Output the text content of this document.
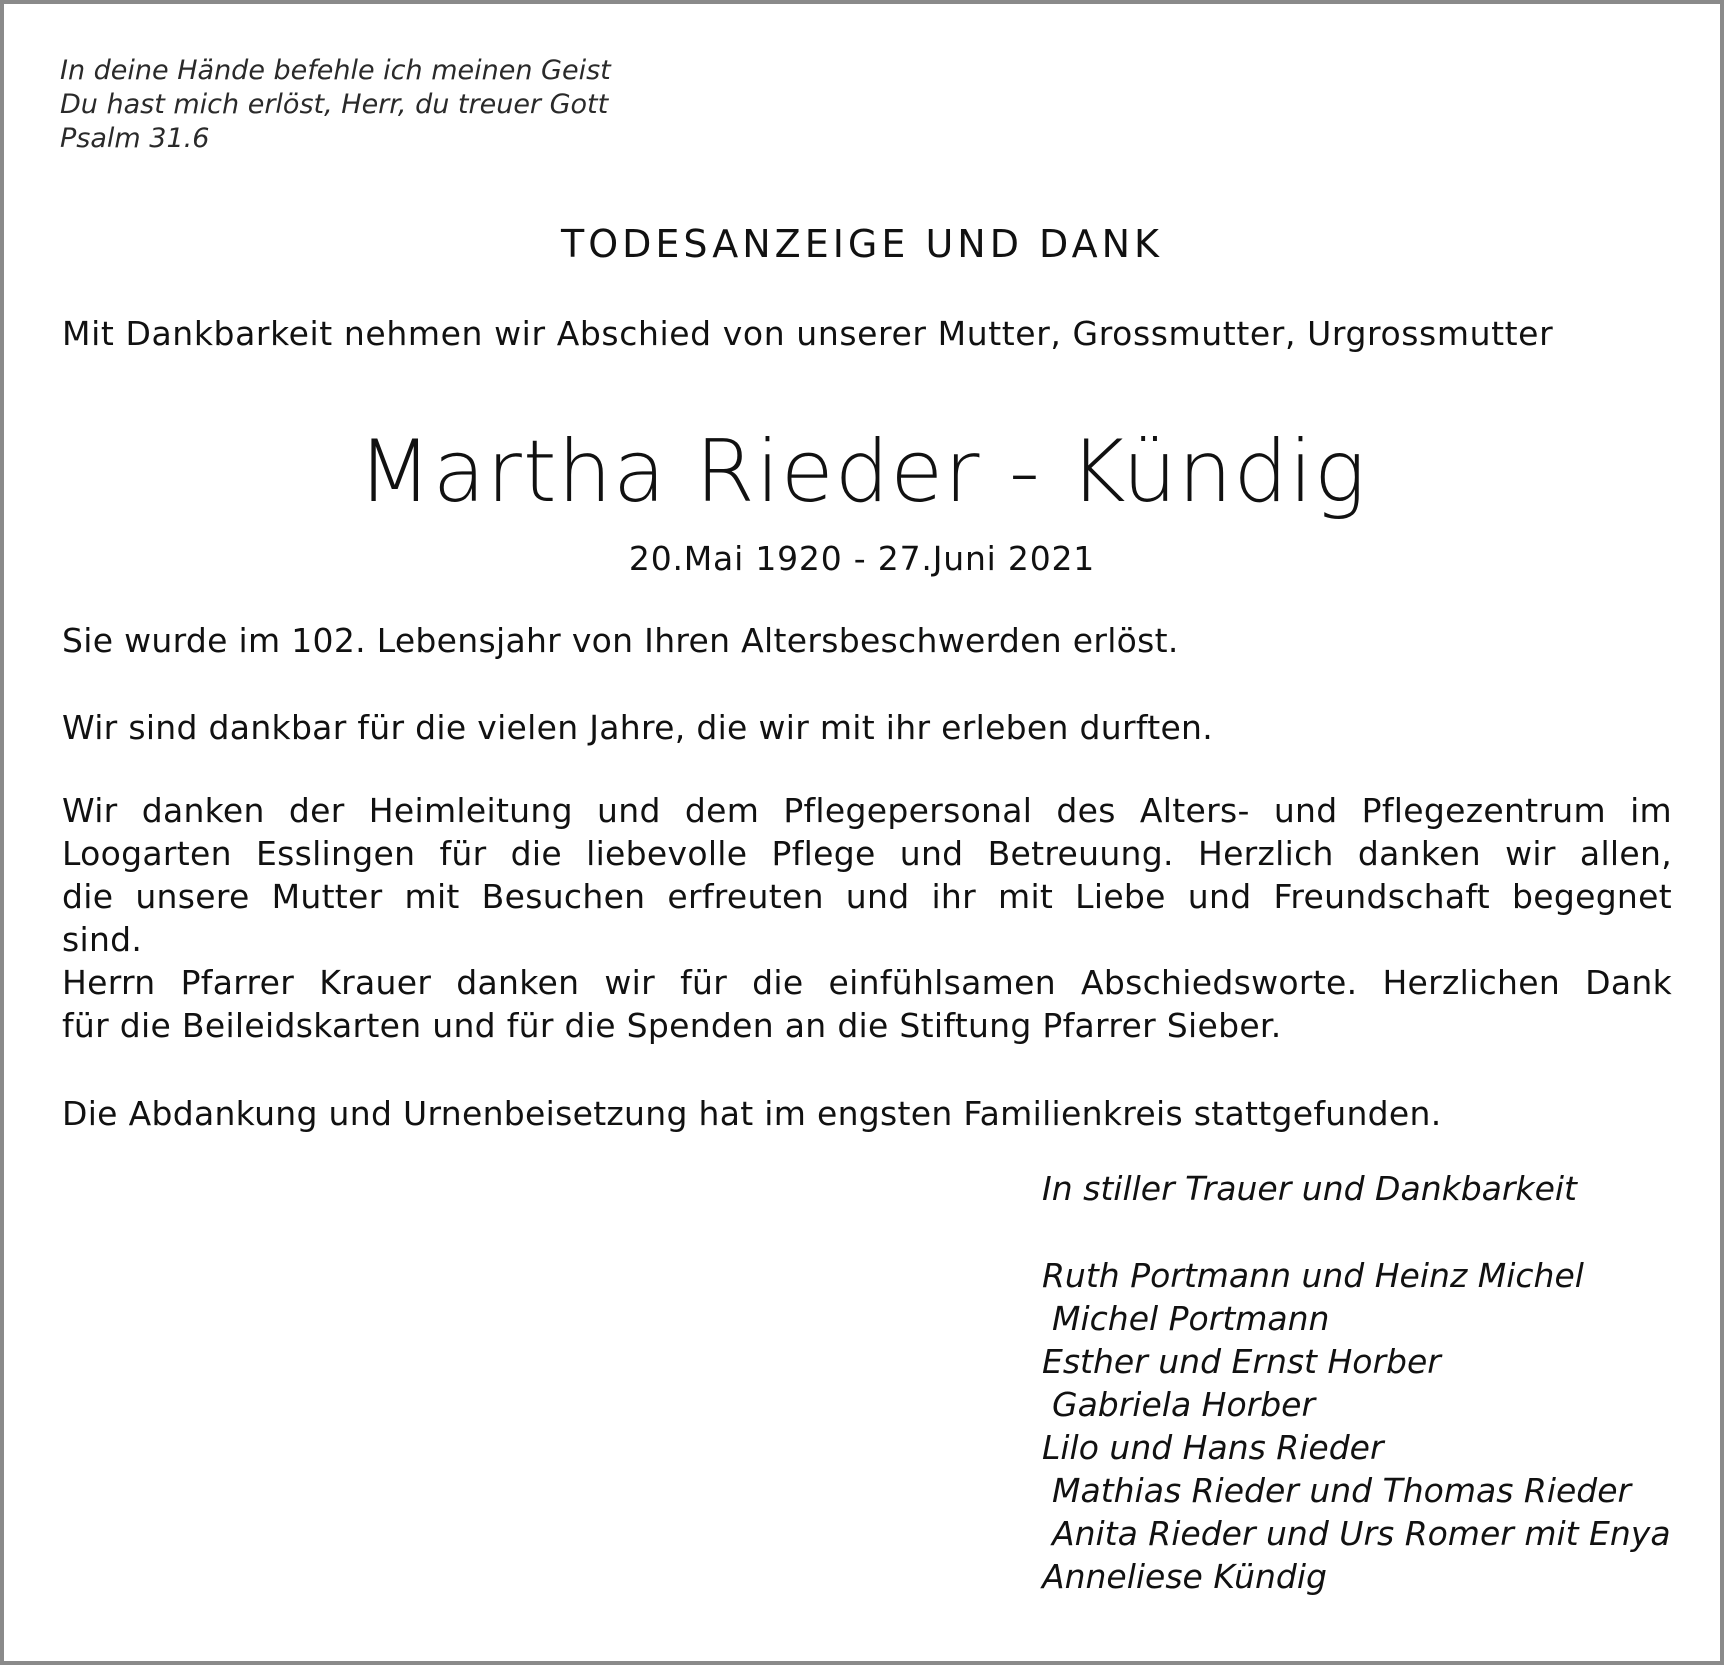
In deine Hände befehle ich meinen Geist
Du hast mich erlöst, Herr, du treuer Gott
Psalm 31.6
TODESANZEIGE UND DANK
Mit Dankbarkeit nehmen wir Abschied von unserer Mutter, Grossmutter, Urgrossmutter
Martha Rieder - Kündig
20.Mai 1920 - 27.Juni 2021
Sie wurde im 102. Lebensjahr von Ihren Altersbeschwerden erlöst.
Wir sind dankbar für die vielen Jahre, die wir mit ihr erleben durften.
Wir danken der Heimleitung und dem Pflegepersonal des Alters- und Pflegezentrum im
Loogarten Esslingen für die liebevolle Pflege und Betreuung. Herzlich danken wir allen,
die unsere Mutter mit Besuchen erfreuten und ihr mit Liebe und Freundschaft begegnet
sind.
Herrn Pfarrer Krauer danken wir für die einfühlsamen Abschiedsworte. Herzlichen Dank
für die Beileidskarten und für die Spenden an die Stiftung Pfarrer Sieber.
Die Abdankung und Urnenbeisetzung hat im engsten Familienkreis stattgefunden.
In stiller Trauer und Dankbarkeit
Ruth Portmann und Heinz Michel
Michel Portmann
Esther und Ernst Horber
Gabriela Horber
Lilo und Hans Rieder
Mathias Rieder und Thomas Rieder
Anita Rieder und Urs Romer mit Enya
Anneliese Kündig
